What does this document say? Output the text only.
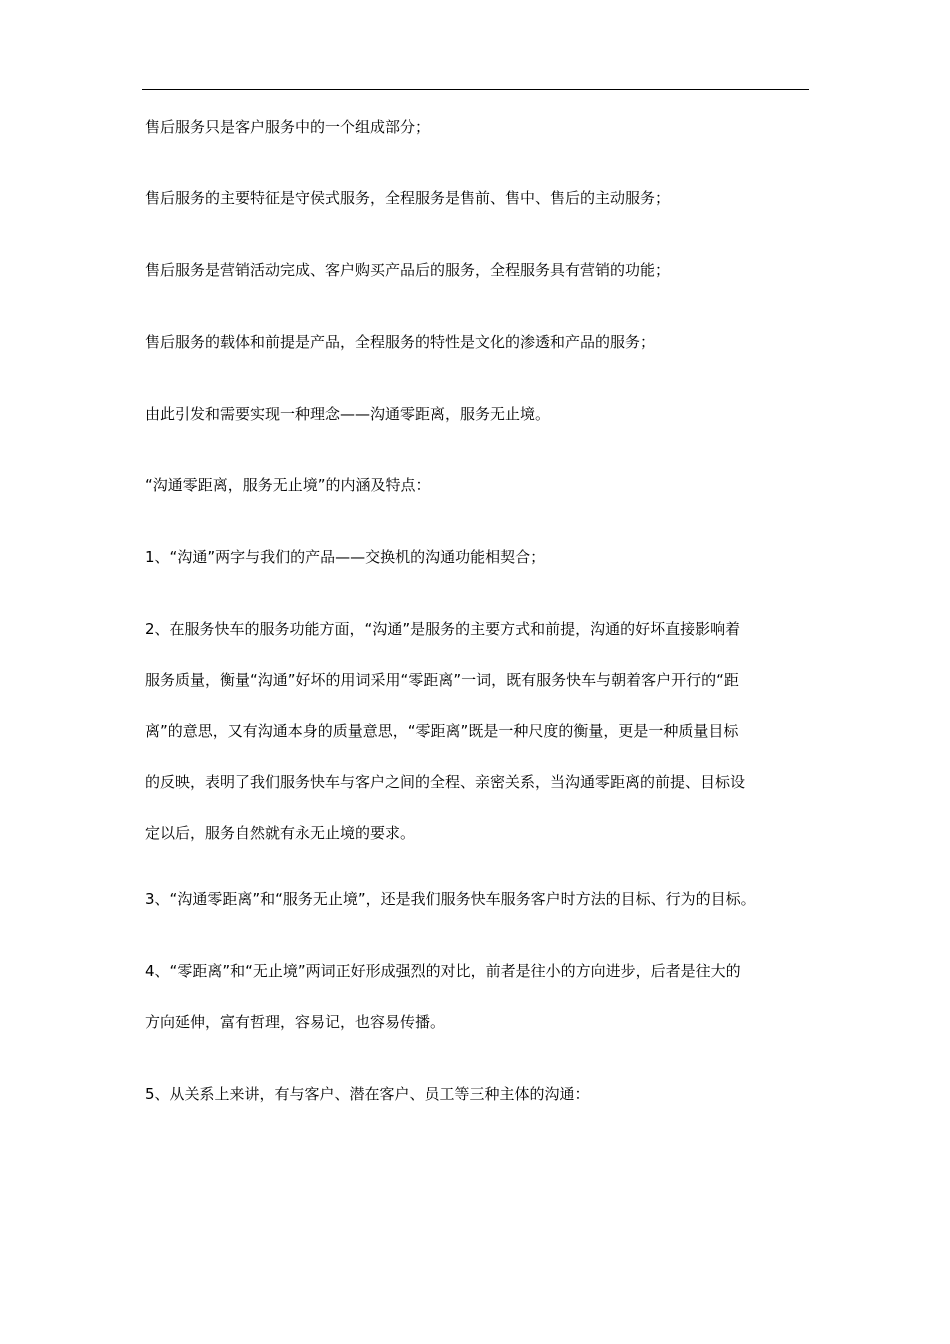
售后服务只是客户服务中的一个组成部分；

售后服务的主要特征是守侯式服务，全程服务是售前、售中、售后的主动服务；

售后服务是营销活动完成、客户购买产品后的服务，全程服务具有营销的功能；

售后服务的载体和前提是产品，全程服务的特性是文化的渗透和产品的服务；

由此引发和需要实现一种理念——沟通零距离，服务无止境。

“沟通零距离，服务无止境”的内涵及特点：

1、“沟通”两字与我们的产品——交换机的沟通功能相契合；

2、在服务快车的服务功能方面，“沟通”是服务的主要方式和前提，沟通的好坏直接影响着
服务质量，衡量“沟通”好坏的用词采用“零距离”一词，既有服务快车与朝着客户开行的“距
离”的意思，又有沟通本身的质量意思，“零距离”既是一种尺度的衡量，更是一种质量目标
的反映，表明了我们服务快车与客户之间的全程、亲密关系，当沟通零距离的前提、目标设
定以后，服务自然就有永无止境的要求。

3、“沟通零距离”和“服务无止境”，还是我们服务快车服务客户时方法的目标、行为的目标。

4、“零距离”和“无止境”两词正好形成强烈的对比，前者是往小的方向进步，后者是往大的
方向延伸，富有哲理，容易记，也容易传播。

5、从关系上来讲，有与客户、潜在客户、员工等三种主体的沟通：
